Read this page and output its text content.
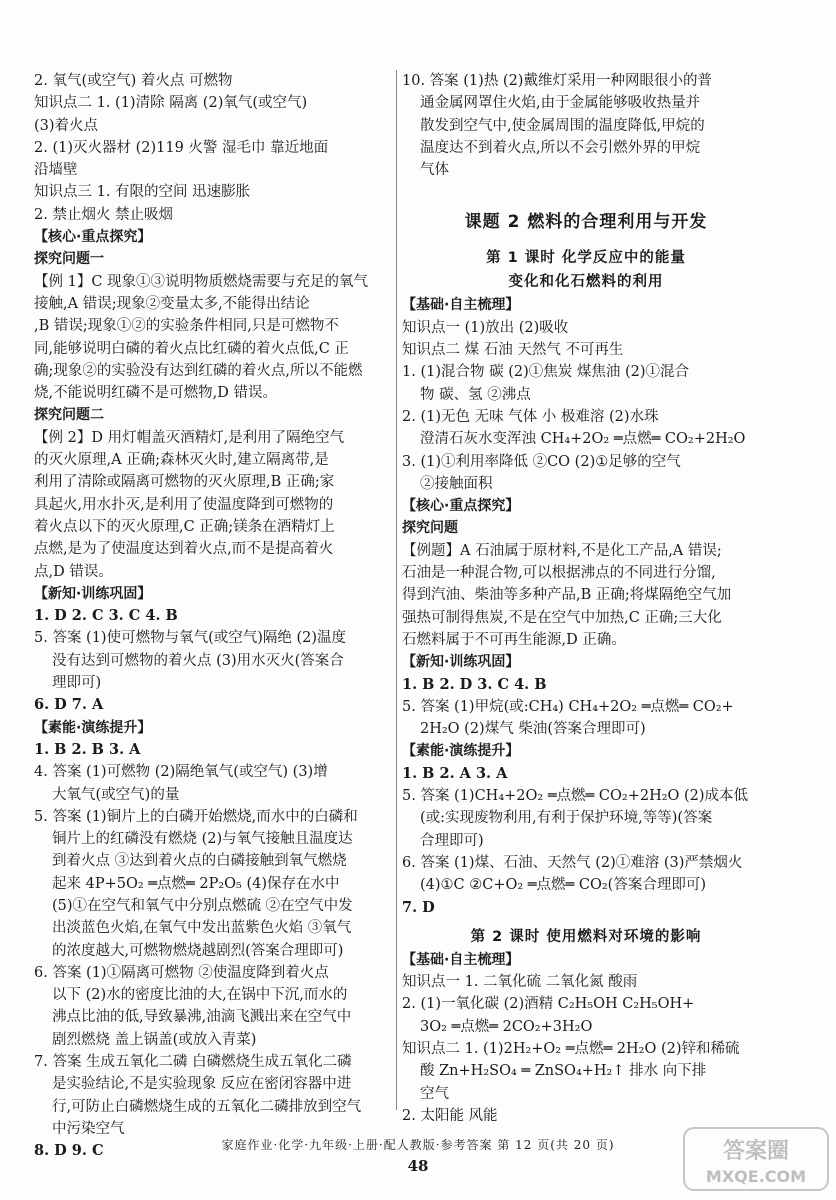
2. 氧气(或空气) 着火点 可燃物

知识点二 1. (1)清除 隔离 (2)氧气(或空气)

(3)着火点

2. (1)灭火器材 (2)119 火警 湿毛巾 靠近地面

沿墙壁

知识点三 1. 有限的空间 迅速膨胀

2. 禁止烟火 禁止吸烟

【核心·重点探究】

探究问题一

【例 1】C 现象①③说明物质燃烧需要与充足的氧气

接触,A 错误;现象②变量太多,不能得出结论

,B 错误;现象①②的实验条件相同,只是可燃物不

同,能够说明白磷的着火点比红磷的着火点低,C 正

确;现象②的实验没有达到红磷的着火点,所以不能燃

烧,不能说明红磷不是可燃物,D 错误。

探究问题二

【例 2】D 用灯帽盖灭酒精灯,是利用了隔绝空气

的灭火原理,A 正确;森林灭火时,建立隔离带,是

利用了清除或隔离可燃物的灭火原理,B 正确;家

具起火,用水扑灭,是利用了使温度降到可燃物的

着火点以下的灭火原理,C 正确;镁条在酒精灯上

点燃,是为了使温度达到着火点,而不是提高着火

点,D 错误。

【新知·训练巩固】

1. D 2. C 3. C 4. B

5. 答案 (1)使可燃物与氧气(或空气)隔绝 (2)温度

没有达到可燃物的着火点 (3)用水灭火(答案合

理即可)

6. D 7. A

【素能·演练提升】

1. B 2. B 3. A

4. 答案 (1)可燃物 (2)隔绝氧气(或空气) (3)增

大氧气(或空气)的量

5. 答案 (1)铜片上的白磷开始燃烧,而水中的白磷和

铜片上的红磷没有燃烧 (2)与氧气接触且温度达

到着火点 ③达到着火点的白磷接触到氧气燃烧

起来 4P+5O₂ ═点燃═ 2P₂O₅ (4)保存在水中

(5)①在空气和氧气中分别点燃硫 ②在空气中发

出淡蓝色火焰,在氧气中发出蓝紫色火焰 ③氧气

的浓度越大,可燃物燃烧越剧烈(答案合理即可)

6. 答案 (1)①隔离可燃物 ②使温度降到着火点

以下 (2)水的密度比油的大,在锅中下沉,而水的

沸点比油的低,导致暴沸,油滴飞溅出来在空气中

剧烈燃烧 盖上锅盖(或放入青菜)

7. 答案 生成五氧化二磷 白磷燃烧生成五氧化二磷

是实验结论,不是实验现象 反应在密闭容器中进

行,可防止白磷燃烧生成的五氧化二磷排放到空气

中污染空气

8. D 9. C

10. 答案 (1)热 (2)戴维灯采用一种网眼很小的普

通金属网罩住火焰,由于金属能够吸收热量并

散发到空气中,使金属周围的温度降低,甲烷的

温度达不到着火点,所以不会引燃外界的甲烷

气体

课题 2 燃料的合理利用与开发
第 1 课时 化学反应中的能量
变化和化石燃料的利用

【基础·自主梳理】

知识点一 (1)放出 (2)吸收

知识点二 煤 石油 天然气 不可再生

1. (1)混合物 碳 (2)①焦炭 煤焦油 (2)①混合

物 碳、氢 ②沸点

2. (1)无色 无味 气体 小 极难溶 (2)水珠

澄清石灰水变浑浊 CH₄+2O₂ ═点燃═ CO₂+2H₂O

3. (1)①利用率降低 ②CO (2)①足够的空气

②接触面积

【核心·重点探究】

探究问题

【例题】A 石油属于原材料,不是化工产品,A 错误;

石油是一种混合物,可以根据沸点的不同进行分馏,

得到汽油、柴油等多种产品,B 正确;将煤隔绝空气加

强热可制得焦炭,不是在空气中加热,C 正确;三大化

石燃料属于不可再生能源,D 正确。

【新知·训练巩固】

1. B 2. D 3. C 4. B

5. 答案 (1)甲烷(或:CH₄) CH₄+2O₂ ═点燃═ CO₂+

2H₂O (2)煤气 柴油(答案合理即可)

【素能·演练提升】

1. B 2. A 3. A

5. 答案 (1)CH₄+2O₂ ═点燃═ CO₂+2H₂O (2)成本低

(或:实现废物利用,有利于保护环境,等等)(答案

合理即可)

6. 答案 (1)煤、石油、天然气 (2)①难溶 (3)严禁烟火

(4)①C ②C+O₂ ═点燃═ CO₂(答案合理即可)

7. D

第 2 课时 使用燃料对环境的影响

【基础·自主梳理】

知识点一 1. 二氧化硫 二氧化氮 酸雨

2. (1)一氧化碳 (2)酒精 C₂H₅OH C₂H₅OH+

3O₂ ═点燃═ 2CO₂+3H₂O

知识点二 1. (1)2H₂+O₂ ═点燃═ 2H₂O (2)锌和稀硫

酸 Zn+H₂SO₄ ═ ZnSO₄+H₂↑ 排水 向下排

空气

2. 太阳能 风能

家庭作业·化学·九年级·上册·配人教版·参考答案 第 12 页(共 20 页)
48
答案圈
MXQE.COM
